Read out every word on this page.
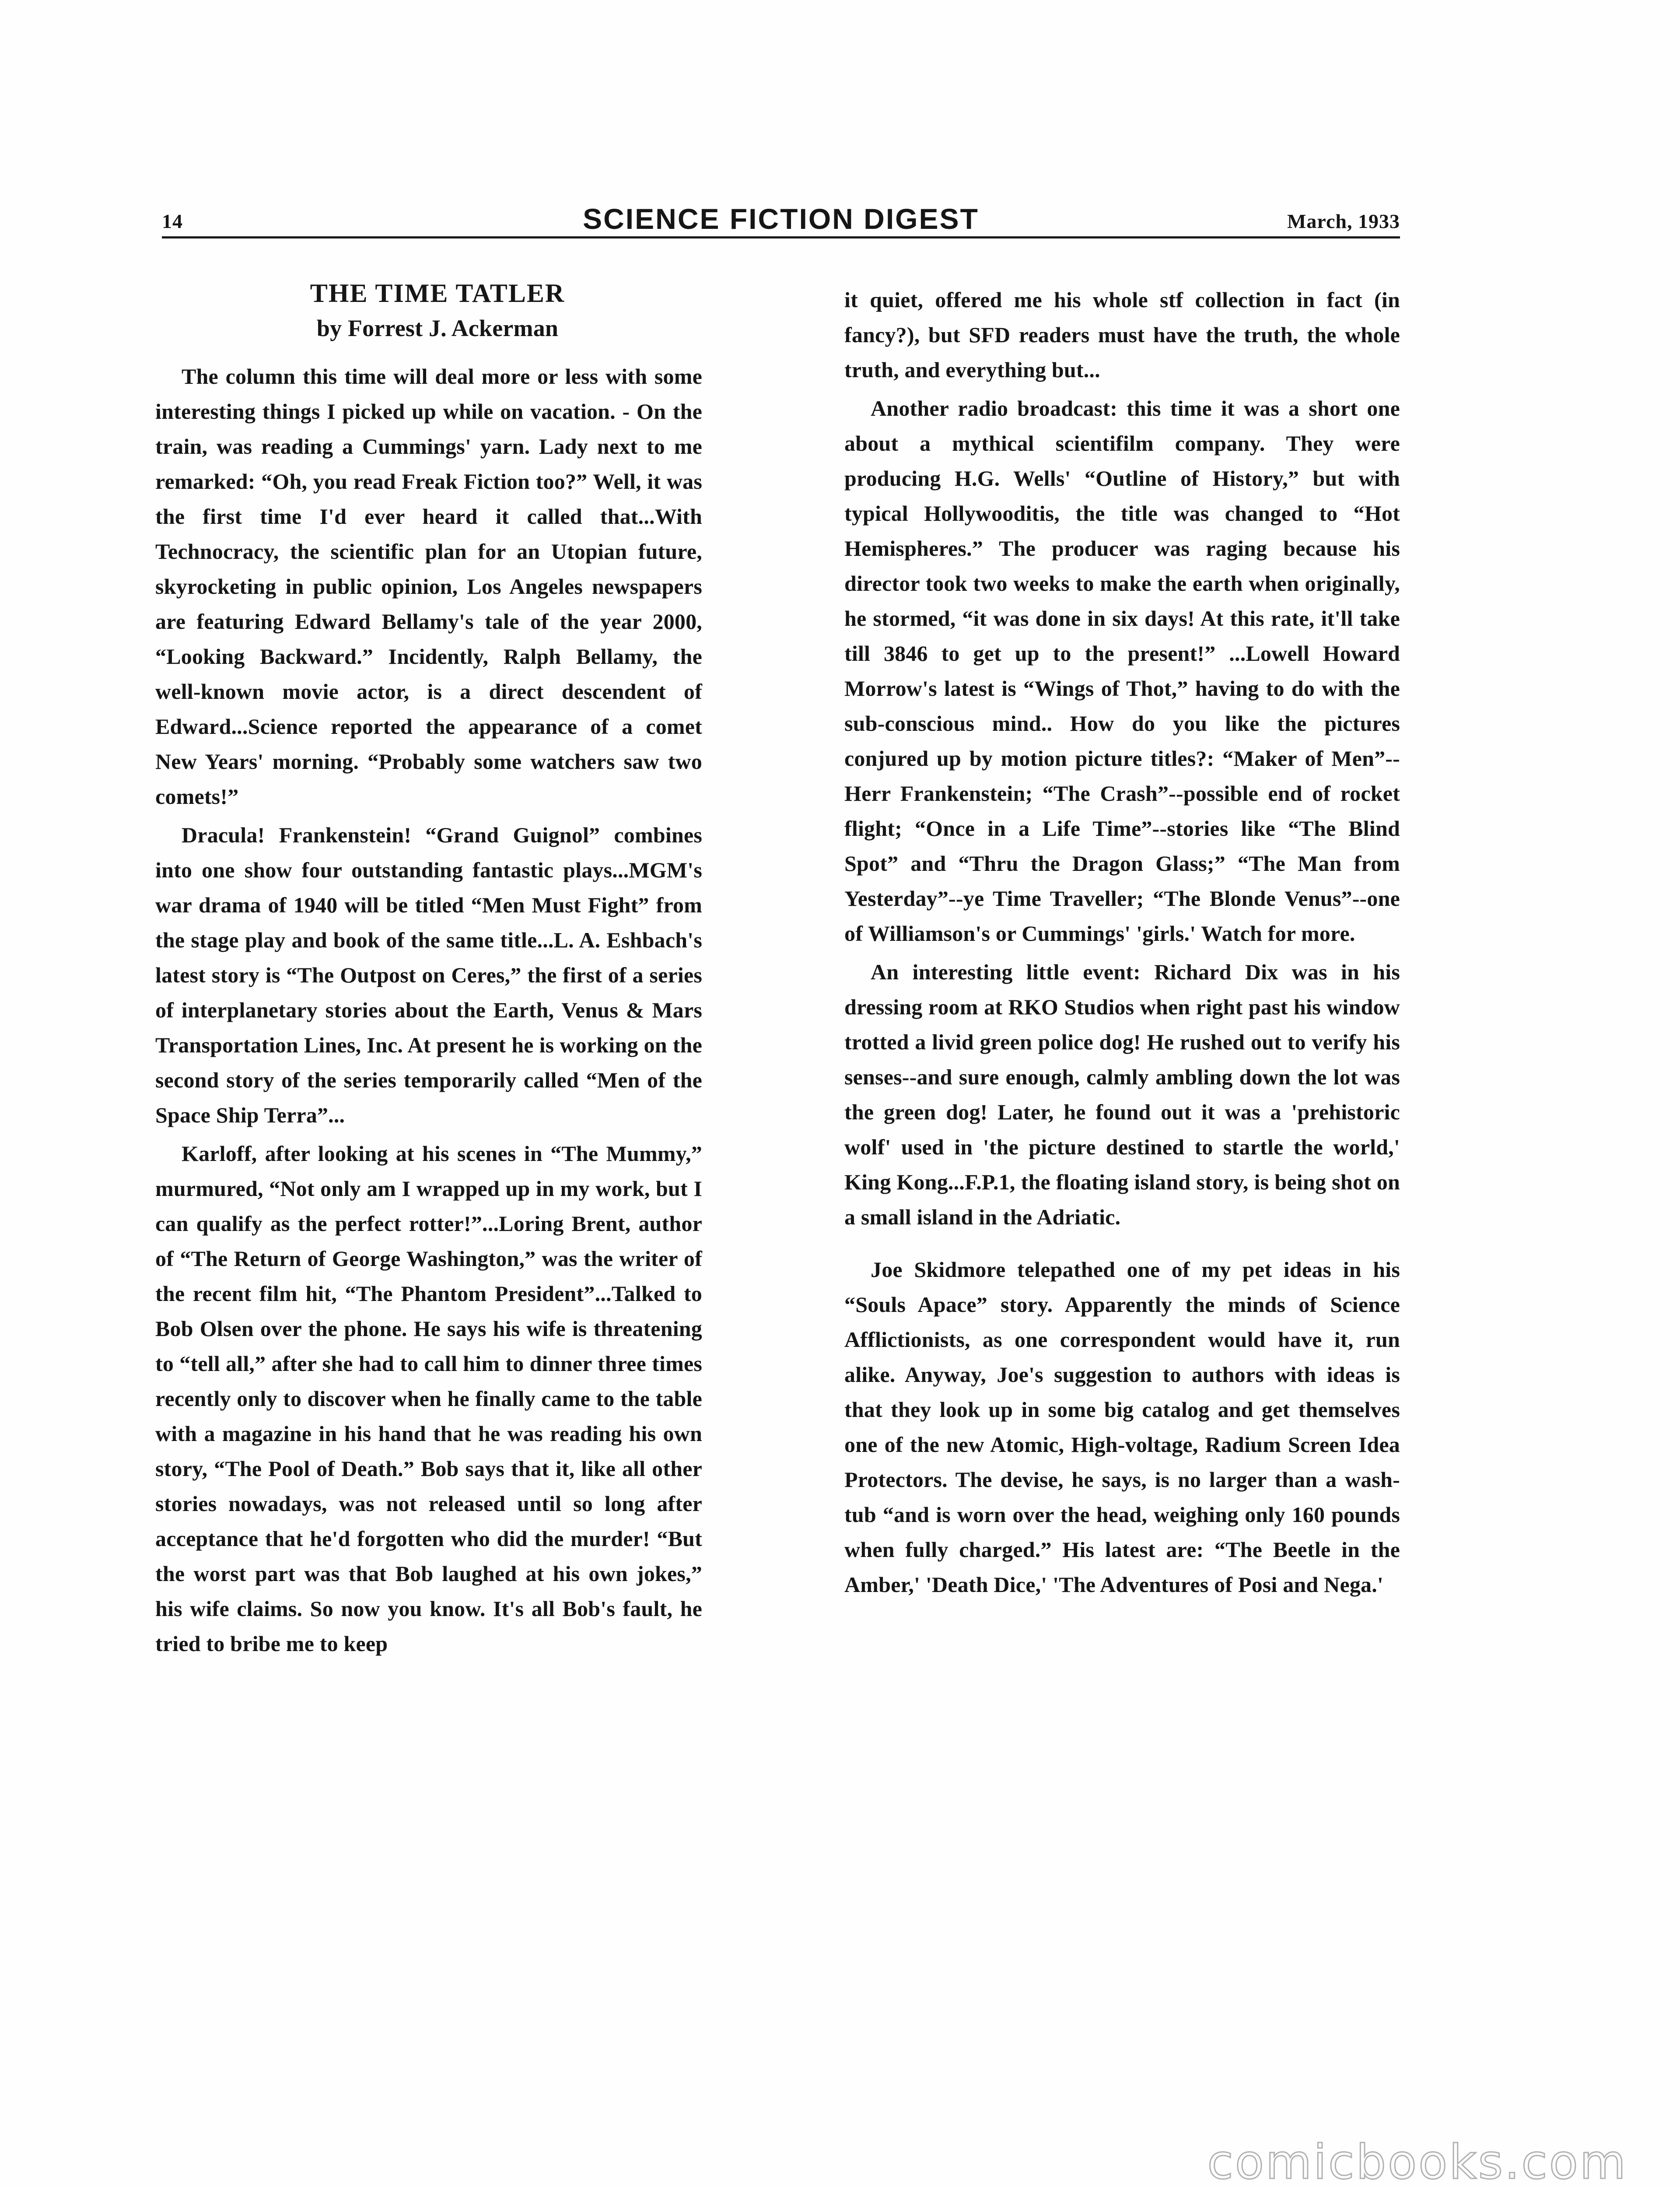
14	SCIENCE FICTION DIGEST	March, 1933
THE TIME TATLER
by Forrest J. Ackerman

The column this time will deal more or less with some interesting things I picked up while on vacation. - On the train, was reading a Cummings' yarn. Lady next to me remarked: “Oh, you read Freak Fiction too?” Well, it was the first time I'd ever heard it called that...With Technocracy, the scientific plan for an Utopian future, skyrocketing in public opinion, Los Angeles newspapers are featuring Edward Bellamy's tale of the year 2000, “Looking Backward.” Incidently, Ralph Bellamy, the well-known movie actor, is a direct descendent of Edward...Science reported the appearance of a comet New Years' morning. “Probably some watchers saw two comets!”

Dracula! Frankenstein! “Grand Guignol” combines into one show four outstanding fantastic plays...MGM's war drama of 1940 will be titled “Men Must Fight” from the stage play and book of the same title...L. A. Eshbach's latest story is “The Outpost on Ceres,” the first of a series of interplanetary stories about the Earth, Venus & Mars Transportation Lines, Inc. At present he is working on the second story of the series temporarily called “Men of the Space Ship Terra”...

Karloff, after looking at his scenes in “The Mummy,” murmured, “Not only am I wrapped up in my work, but I can qualify as the perfect rotter!”...Loring Brent, author of “The Return of George Washington,” was the writer of the recent film hit, “The Phantom President”...Talked to Bob Olsen over the phone. He says his wife is threatening to “tell all,” after she had to call him to dinner three times recently only to discover when he finally came to the table with a magazine in his hand that he was reading his own story, “The Pool of Death.” Bob says that it, like all other stories nowadays, was not released until so long after acceptance that he'd forgotten who did the murder! “But the worst part was that Bob laughed at his own jokes,” his wife claims. So now you know. It's all Bob's fault, he tried to bribe me to keep

it quiet, offered me his whole stf collection in fact (in fancy?), but SFD readers must have the truth, the whole truth, and everything but...

Another radio broadcast: this time it was a short one about a mythical scientifilm company. They were producing H.G. Wells' “Outline of History,” but with typical Hollywooditis, the title was changed to “Hot Hemispheres.” The producer was raging because his director took two weeks to make the earth when originally, he stormed, “it was done in six days! At this rate, it'll take till 3846 to get up to the present!” ...Lowell Howard Morrow's latest is “Wings of Thot,” having to do with the sub-conscious mind.. How do you like the pictures conjured up by motion picture titles?: “Maker of Men”--Herr Frankenstein; “The Crash”--possible end of rocket flight; “Once in a Life Time”--stories like “The Blind Spot” and “Thru the Dragon Glass;” “The Man from Yesterday”--ye Time Traveller; “The Blonde Venus”--one of Williamson's or Cummings' 'girls.' Watch for more.

An interesting little event: Richard Dix was in his dressing room at RKO Studios when right past his window trotted a livid green police dog! He rushed out to verify his senses--and sure enough, calmly ambling down the lot was the green dog! Later, he found out it was a 'prehistoric wolf' used in 'the picture destined to startle the world,' King Kong...F.P.1, the floating island story, is being shot on a small island in the Adriatic.

Joe Skidmore telepathed one of my pet ideas in his “Souls Apace” story. Apparently the minds of Science Afflictionists, as one correspondent would have it, run alike. Anyway, Joe's suggestion to authors with ideas is that they look up in some big catalog and get themselves one of the new Atomic, High-voltage, Radium Screen Idea Protectors. The devise, he says, is no larger than a wash-tub “and is worn over the head, weighing only 160 pounds when fully charged.” His latest are: “The Beetle in the Amber,' 'Death Dice,' 'The Adventures of Posi and Nega.'

comicbooks.com
